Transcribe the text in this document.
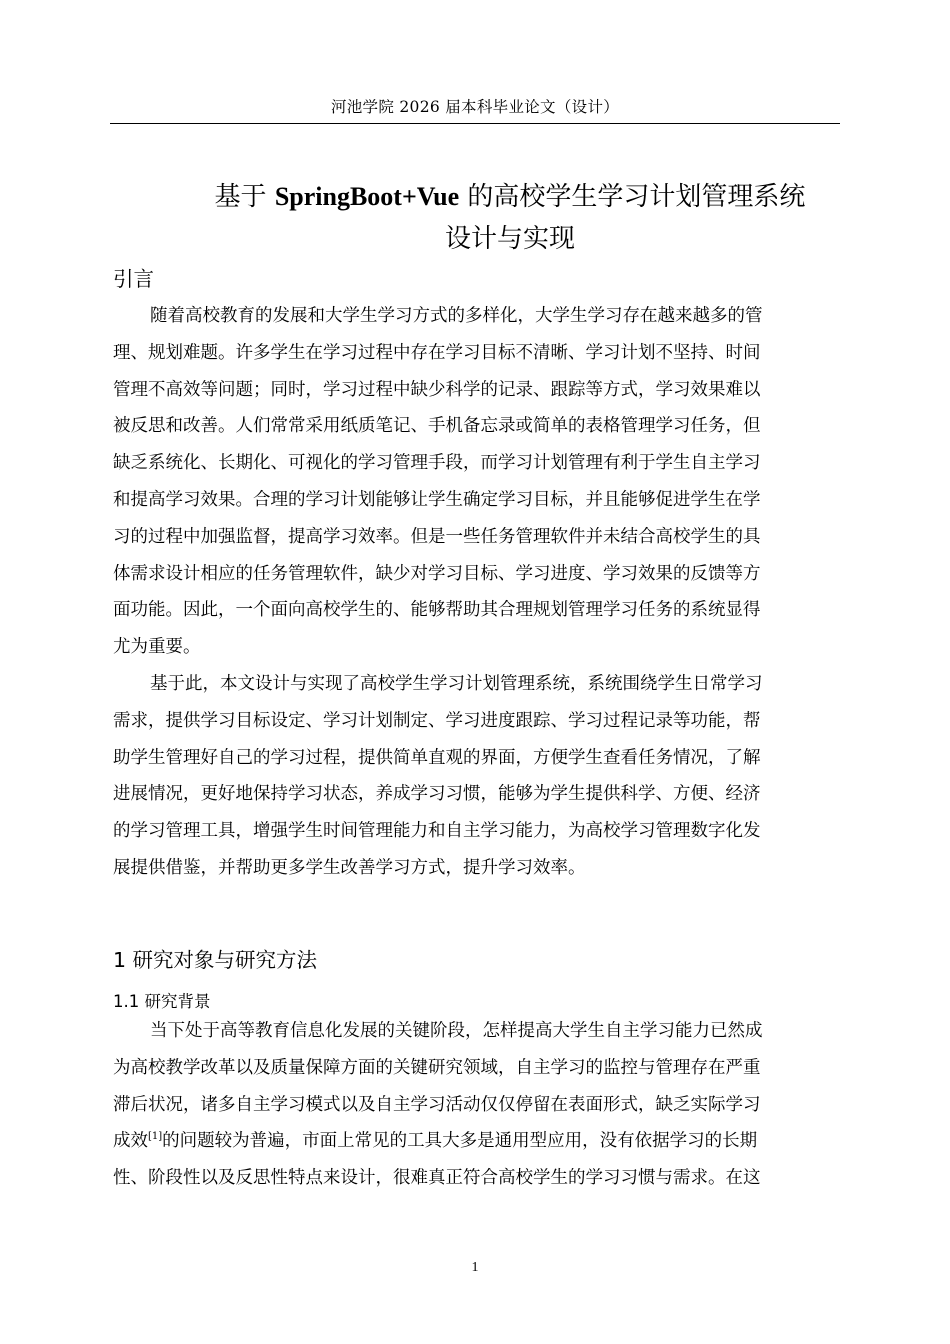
河池学院 2026 届本科毕业论文（设计）
基于 SpringBoot+Vue 的高校学生学习计划管理系统
设计与实现
引言
随着高校教育的发展和大学生学习方式的多样化，大学生学习存在越来越多的管
理、规划难题。许多学生在学习过程中存在学习目标不清晰、学习计划不坚持、时间
管理不高效等问题；同时，学习过程中缺少科学的记录、跟踪等方式，学习效果难以
被反思和改善。人们常常采用纸质笔记、手机备忘录或简单的表格管理学习任务，但
缺乏系统化、长期化、可视化的学习管理手段，而学习计划管理有利于学生自主学习
和提高学习效果。合理的学习计划能够让学生确定学习目标，并且能够促进学生在学
习的过程中加强监督，提高学习效率。但是一些任务管理软件并未结合高校学生的具
体需求设计相应的任务管理软件，缺少对学习目标、学习进度、学习效果的反馈等方
面功能。因此，一个面向高校学生的、能够帮助其合理规划管理学习任务的系统显得
尤为重要。
基于此，本文设计与实现了高校学生学习计划管理系统，系统围绕学生日常学习
需求，提供学习目标设定、学习计划制定、学习进度跟踪、学习过程记录等功能，帮
助学生管理好自己的学习过程，提供简单直观的界面，方便学生查看任务情况，了解
进展情况，更好地保持学习状态，养成学习习惯，能够为学生提供科学、方便、经济
的学习管理工具，增强学生时间管理能力和自主学习能力，为高校学习管理数字化发
展提供借鉴，并帮助更多学生改善学习方式，提升学习效率。
1 研究对象与研究方法
1.1 研究背景
当下处于高等教育信息化发展的关键阶段，怎样提高大学生自主学习能力已然成
为高校教学改革以及质量保障方面的关键研究领域，自主学习的监控与管理存在严重
滞后状况，诸多自主学习模式以及自主学习活动仅仅停留在表面形式，缺乏实际学习
成效[1]的问题较为普遍，市面上常见的工具大多是通用型应用，没有依据学习的长期
性、阶段性以及反思性特点来设计，很难真正符合高校学生的学习习惯与需求。在这
1
